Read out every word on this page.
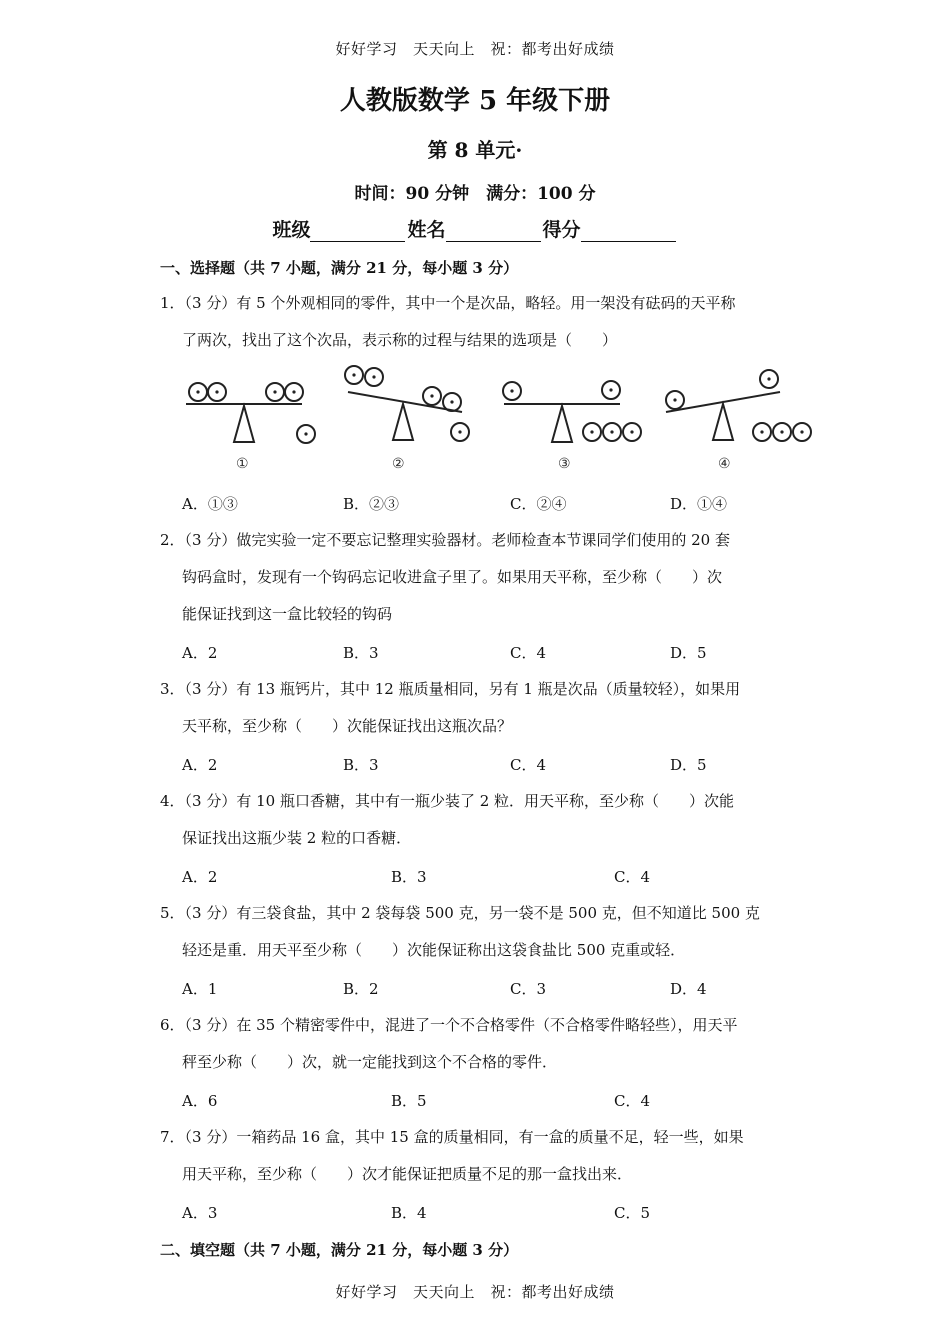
好好学习　天天向上　祝：都考出好成绩
人教版数学 5 年级下册
第 8 单元·
时间：90 分钟　满分：100 分
班级	姓名	得分
一、选择题（共 7 小题，满分 21 分，每小题 3 分）
1．（3 分）有 5 个外观相同的零件，其中一个是次品，略轻。用一架没有砝码的天平称
了两次，找出了这个次品，表示称的过程与结果的选项是（　　）
①	②	③	④
A．①③	B．②③	C．②④	D．①④
2．（3 分）做完实验一定不要忘记整理实验器材。老师检查本节课同学们使用的 20 套
钩码盒时，发现有一个钩码忘记收进盒子里了。如果用天平称，至少称（　　）次
能保证找到这一盒比较轻的钩码
A．2	B．3	C．4	D．5
3．（3 分）有 13 瓶钙片，其中 12 瓶质量相同，另有 1 瓶是次品（质量较轻），如果用
天平称，至少称（　　）次能保证找出这瓶次品？
A．2	B．3	C．4	D．5
4．（3 分）有 10 瓶口香糖，其中有一瓶少装了 2 粒．用天平称，至少称（　　）次能
保证找出这瓶少装 2 粒的口香糖．
A．2	B．3	C．4
5．（3 分）有三袋食盐，其中 2 袋每袋 500 克，另一袋不是 500 克，但不知道比 500 克
轻还是重．用天平至少称（　　）次能保证称出这袋食盐比 500 克重或轻．
A．1	B．2	C．3	D．4
6．（3 分）在 35 个精密零件中，混进了一个不合格零件（不合格零件略轻些），用天平
秤至少称（　　）次，就一定能找到这个不合格的零件．
A．6	B．5	C．4
7．（3 分）一箱药品 16 盒，其中 15 盒的质量相同，有一盒的质量不足，轻一些，如果
用天平称，至少称（　　）次才能保证把质量不足的那一盒找出来．
A．3	B．4	C．5
二、填空题（共 7 小题，满分 21 分，每小题 3 分）
好好学习　天天向上　祝：都考出好成绩
